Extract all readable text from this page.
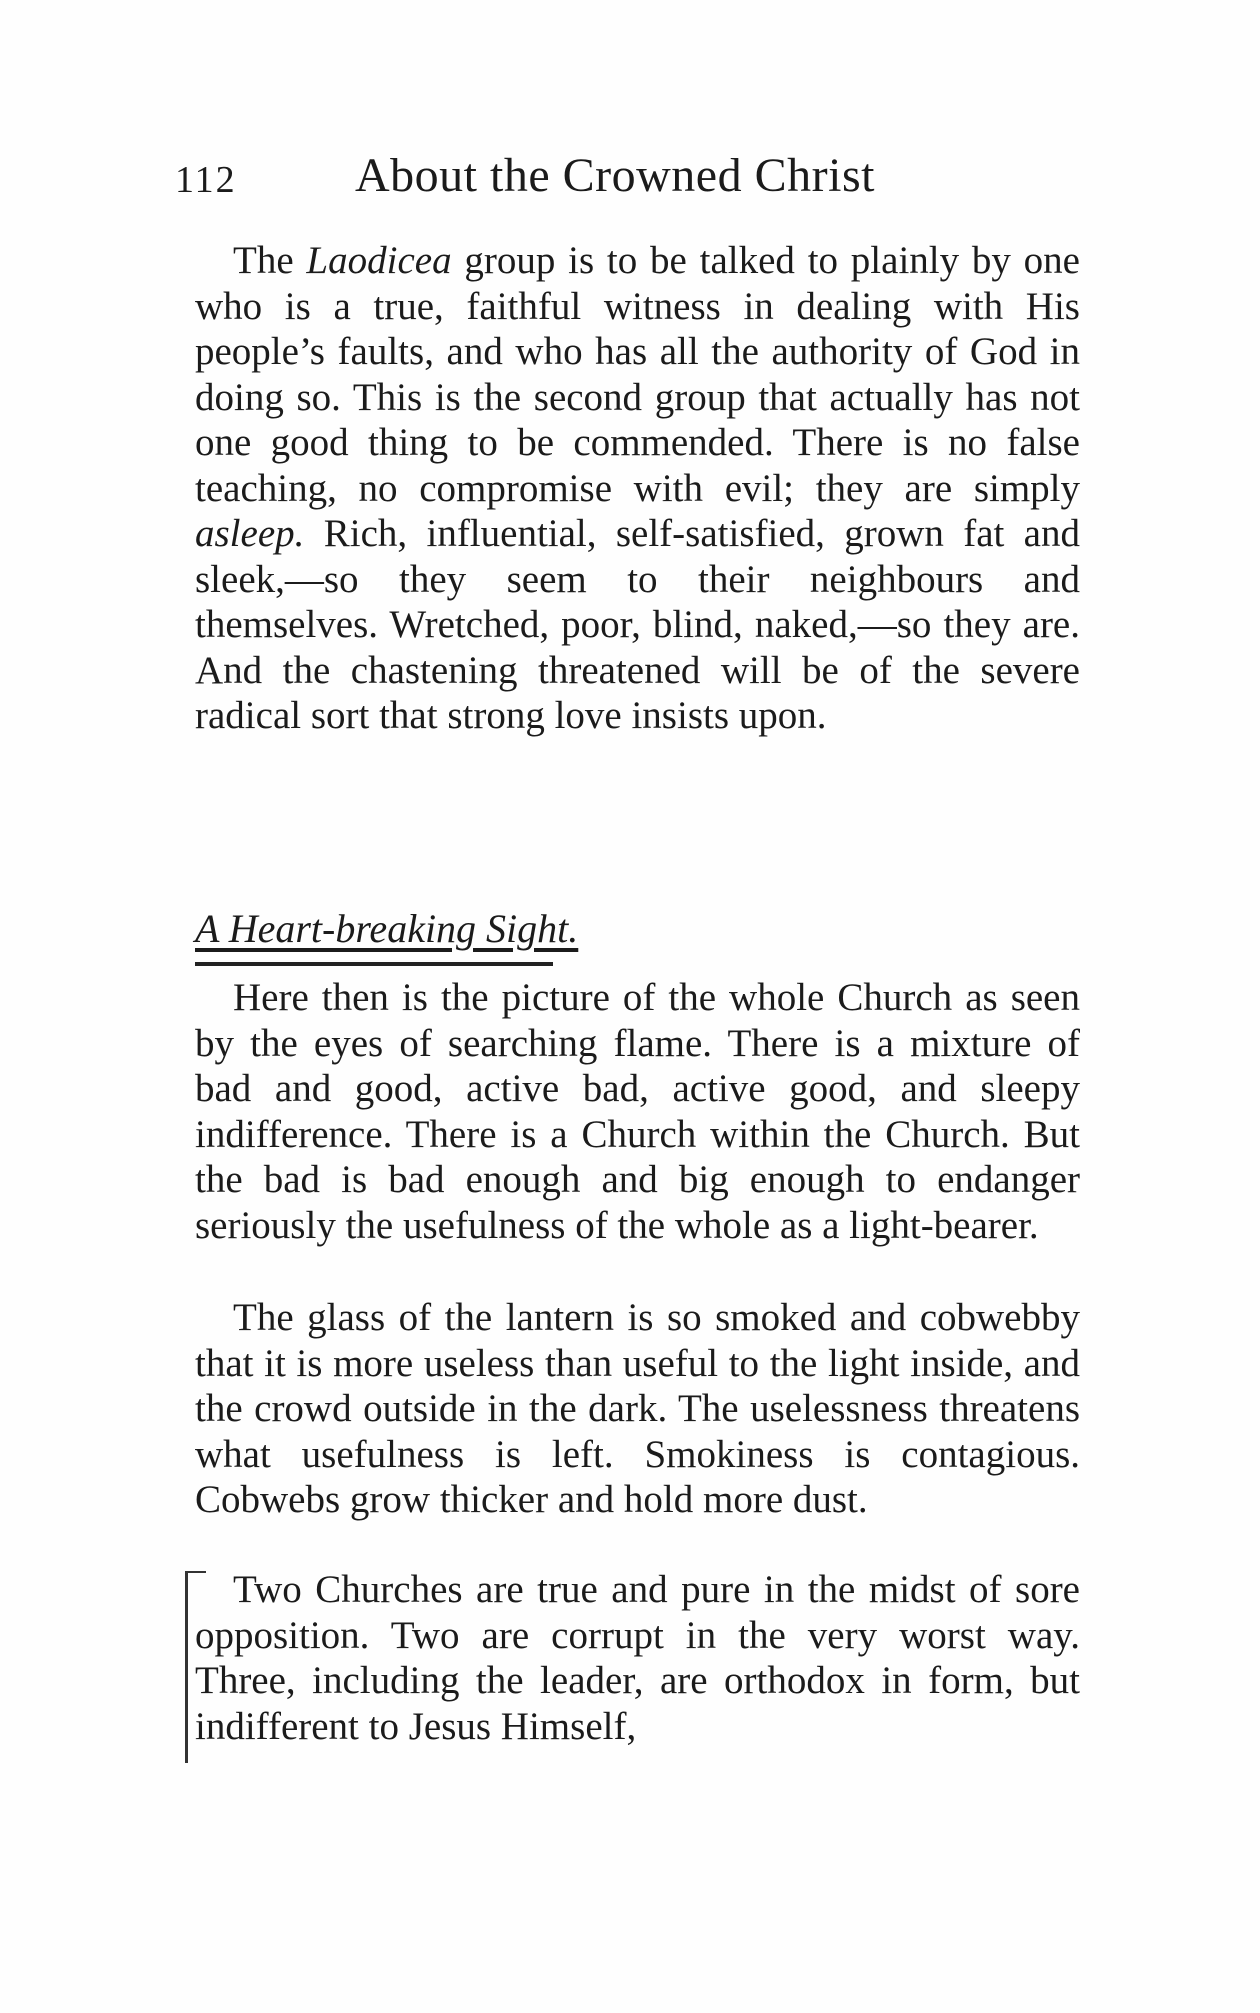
112 About the Crowned Christ

The Laodicea group is to be talked to plainly by one who is a true, faithful witness in dealing with His people’s faults, and who has all the authority of God in doing so. This is the second group that actually has not one good thing to be commended. There is no false teaching, no compromise with evil; they are simply asleep. Rich, influential, self-satisfied, grown fat and sleek,—so they seem to their neighbours and themselves. Wretched, poor, blind, naked,—so they are. And the chastening threatened will be of the severe radical sort that strong love insists upon.

A Heart-breaking Sight.

Here then is the picture of the whole Church as seen by the eyes of searching flame. There is a mixture of bad and good, active bad, active good, and sleepy indifference. There is a Church within the Church. But the bad is bad enough and big enough to endanger seriously the usefulness of the whole as a light-bearer.

The glass of the lantern is so smoked and cobwebby that it is more useless than useful to the light inside, and the crowd outside in the dark. The uselessness threatens what usefulness is left. Smokiness is contagious. Cobwebs grow thicker and hold more dust.

Two Churches are true and pure in the midst of sore opposition. Two are corrupt in the very worst way. Three, including the leader, are orthodox in form, but indifferent to Jesus Himself,
